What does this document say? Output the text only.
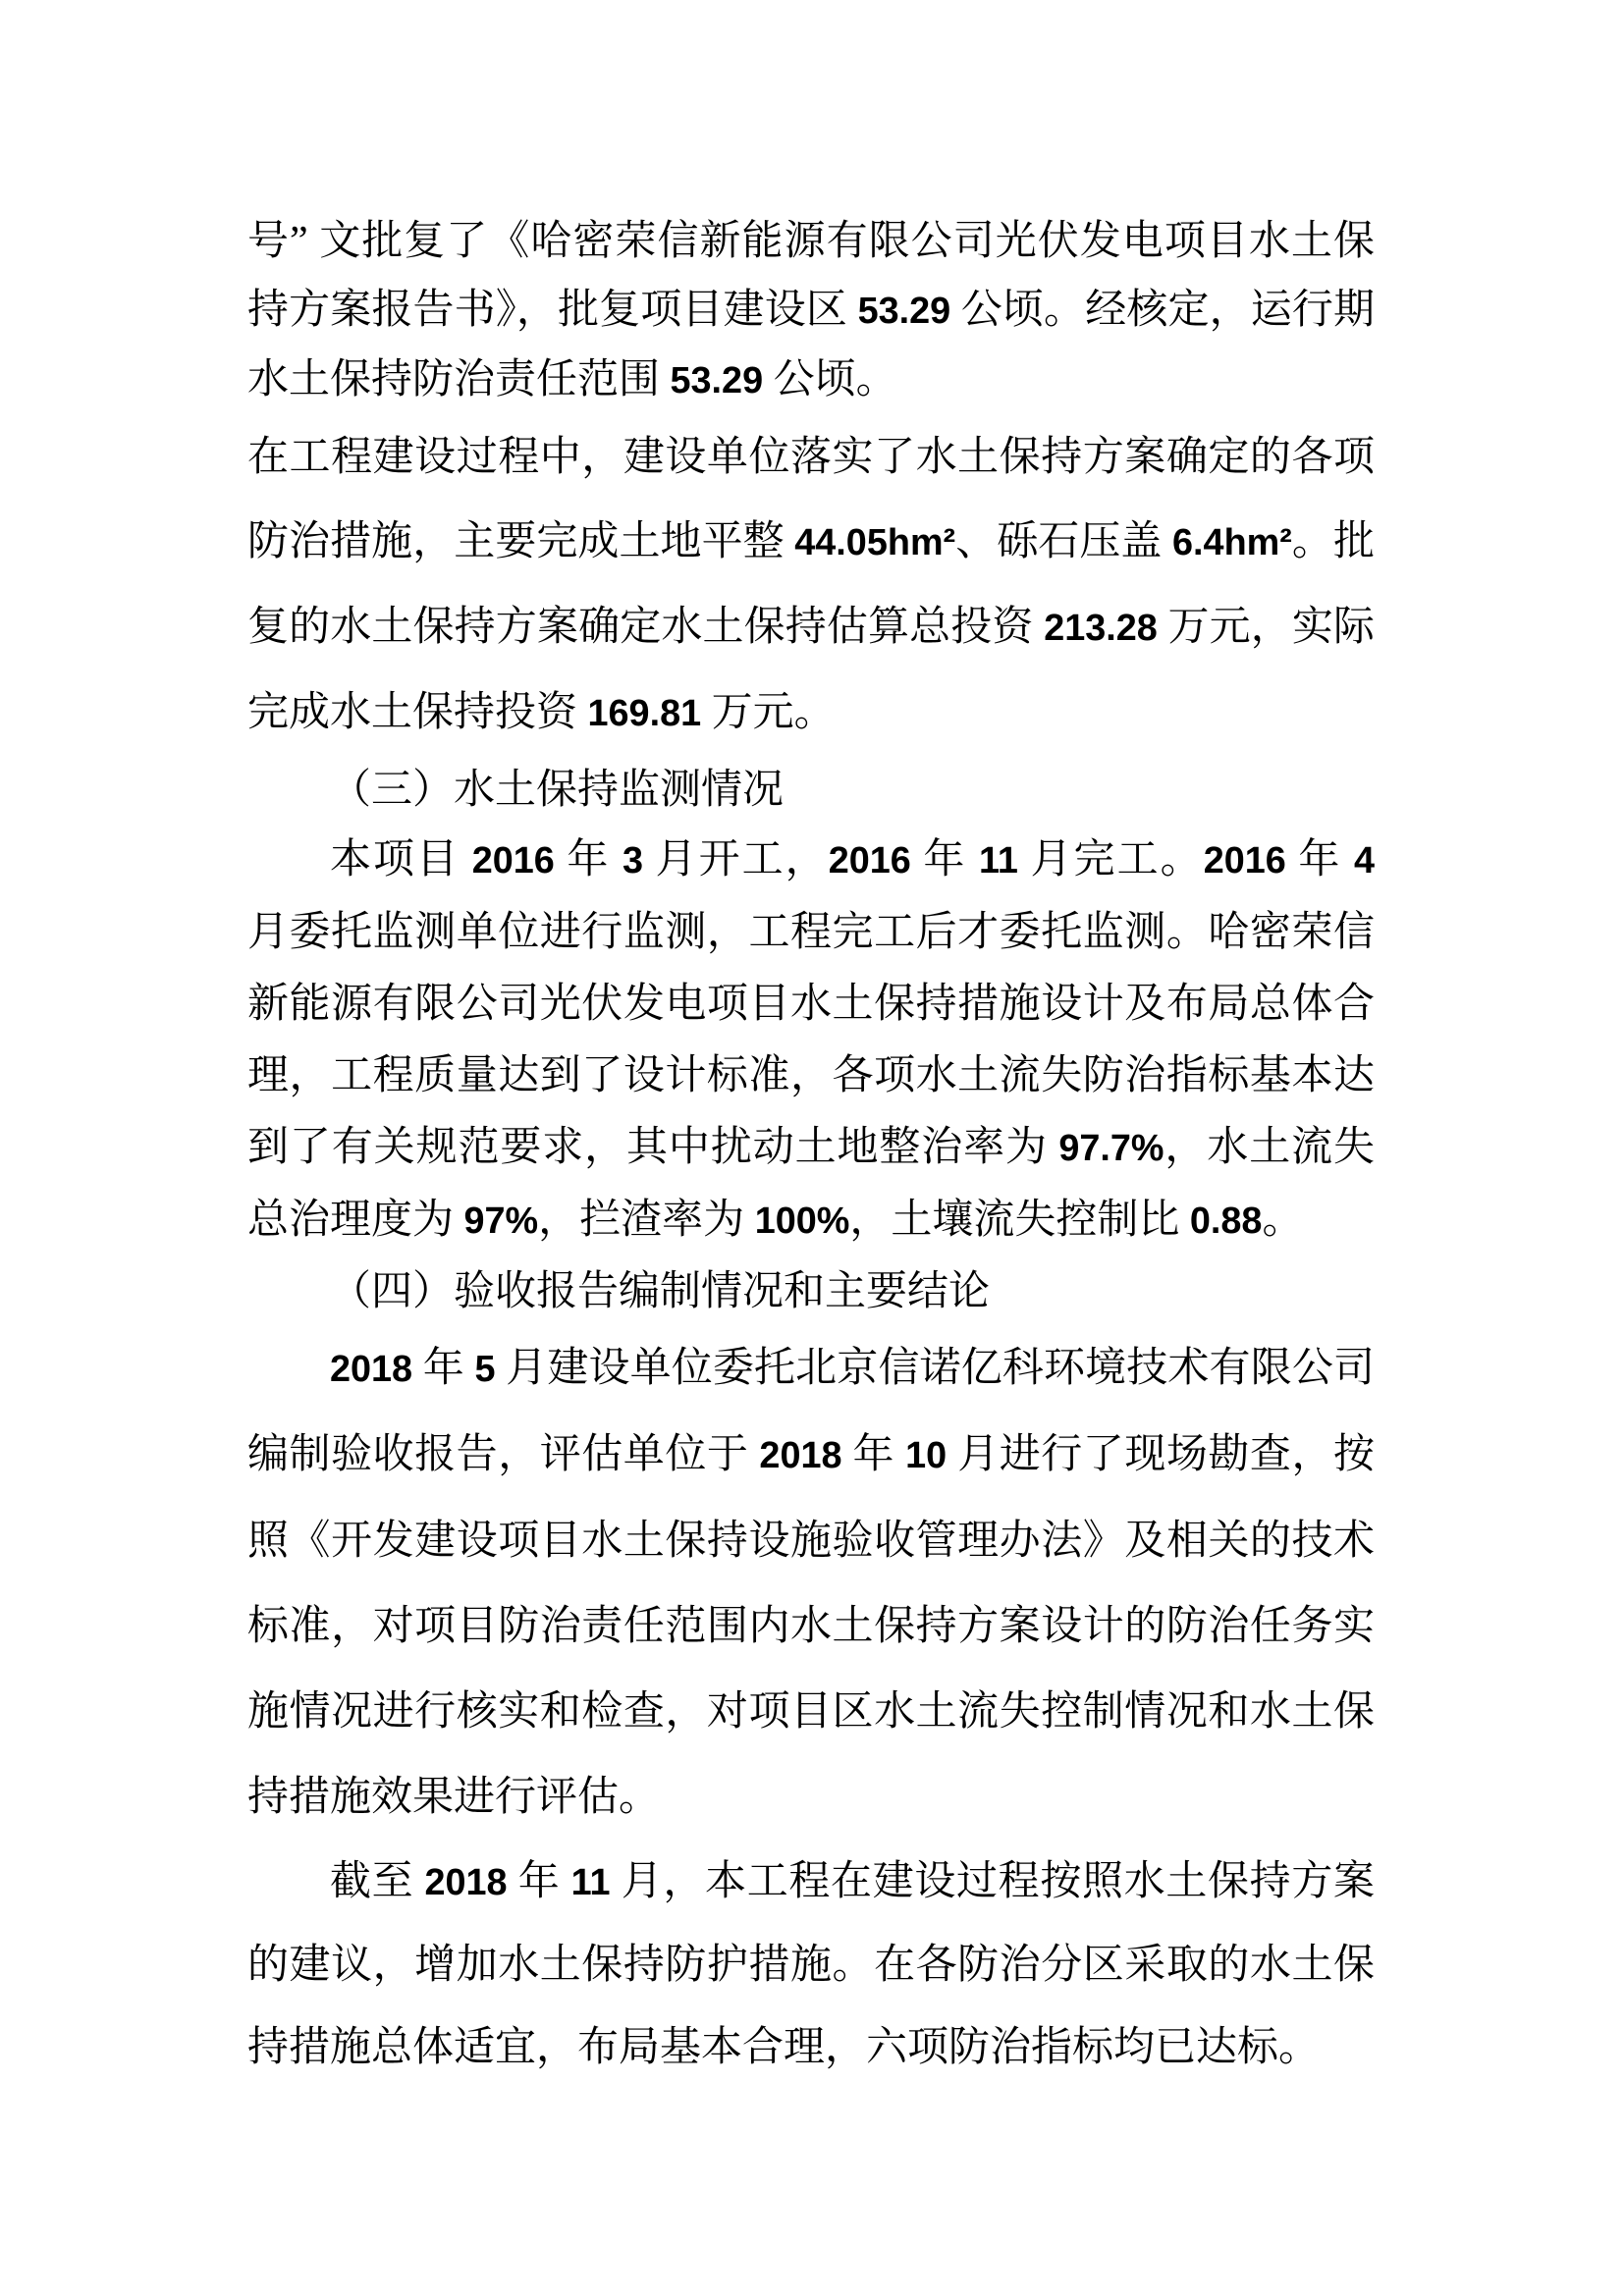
号” 文批复了《哈密荣信新能源有限公司光伏发电项目水土保持方案报告书》，批复项目建设区 53.29 公顷。经核定，运行期水土保持防治责任范围 53.29 公顷。

在工程建设过程中，建设单位落实了水土保持方案确定的各项防治措施，主要完成土地平整 44.05hm²、砾石压盖 6.4hm²。批复的水土保持方案确定水土保持估算总投资 213.28 万元，实际完成水土保持投资 169.81 万元。

（三）水土保持监测情况

本项目 2016 年 3 月开工，2016 年 11 月完工。2016 年 4 月委托监测单位进行监测，工程完工后才委托监测。哈密荣信新能源有限公司光伏发电项目水土保持措施设计及布局总体合理，工程质量达到了设计标准，各项水土流失防治指标基本达到了有关规范要求，其中扰动土地整治率为 97.7%，水土流失总治理度为 97%，拦渣率为 100%，土壤流失控制比 0.88。

（四）验收报告编制情况和主要结论

2018 年 5 月建设单位委托北京信诺亿科环境技术有限公司编制验收报告，评估单位于 2018 年 10 月进行了现场勘查，按照《开发建设项目水土保持设施验收管理办法》及相关的技术标准，对项目防治责任范围内水土保持方案设计的防治任务实施情况进行核实和检查，对项目区水土流失控制情况和水土保持措施效果进行评估。

截至 2018 年 11 月，本工程在建设过程按照水土保持方案的建议，增加水土保持防护措施。在各防治分区采取的水土保持措施总体适宜，布局基本合理，六项防治指标均已达标。
